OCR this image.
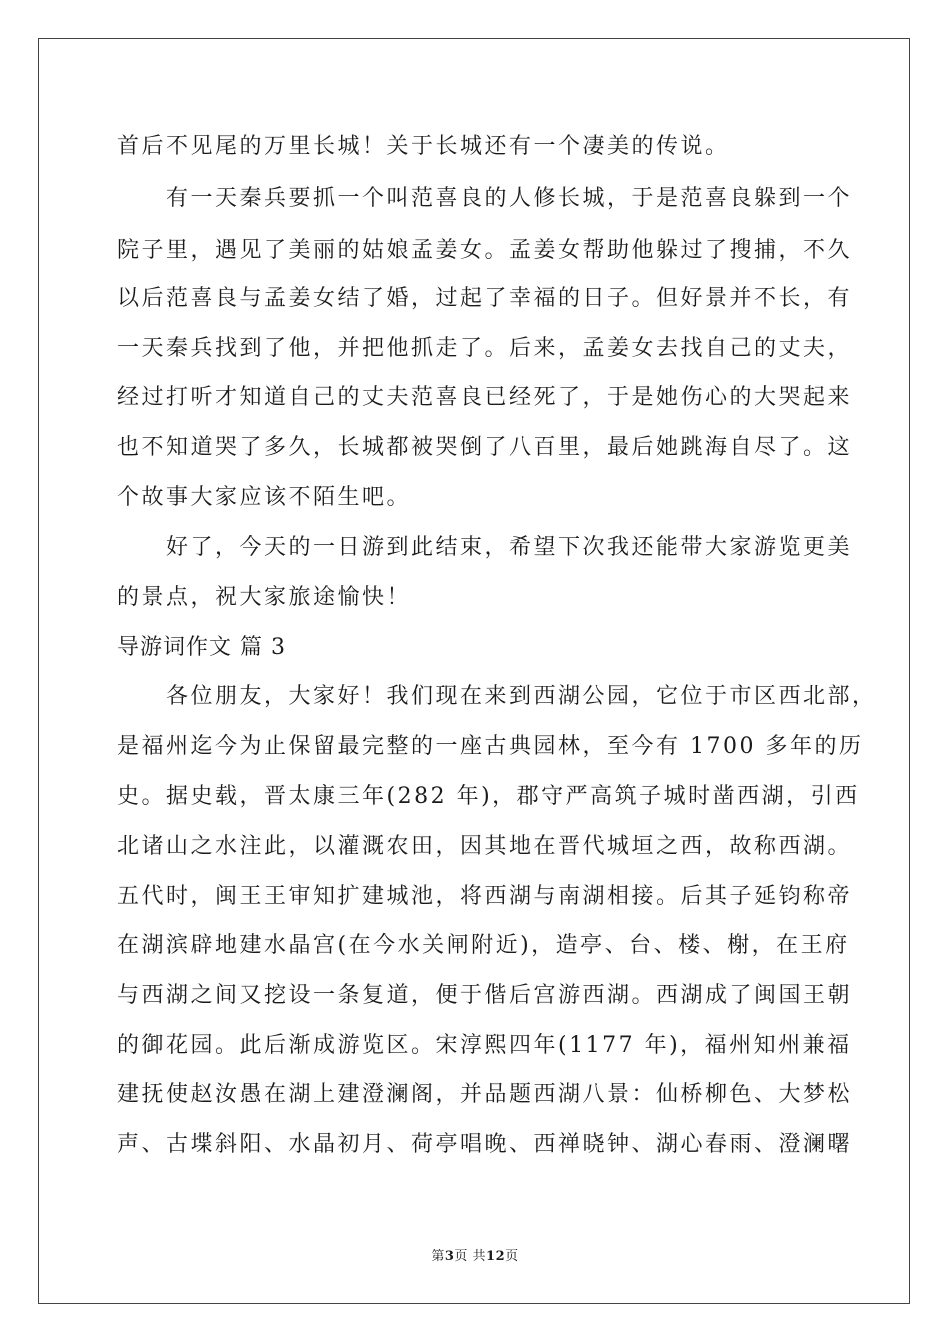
首后不见尾的万里长城！关于长城还有一个凄美的传说。
　　有一天秦兵要抓一个叫范喜良的人修长城，于是范喜良躲到一个
院子里，遇见了美丽的姑娘孟姜女。孟姜女帮助他躲过了搜捕，不久
以后范喜良与孟姜女结了婚，过起了幸福的日子。但好景并不长，有
一天秦兵找到了他，并把他抓走了。后来，孟姜女去找自己的丈夫，
经过打听才知道自己的丈夫范喜良已经死了，于是她伤心的大哭起来
也不知道哭了多久，长城都被哭倒了八百里，最后她跳海自尽了。这
个故事大家应该不陌生吧。
　　好了，今天的一日游到此结束，希望下次我还能带大家游览更美
的景点，祝大家旅途愉快！
导游词作文 篇 3
　　各位朋友，大家好！我们现在来到西湖公园，它位于市区西北部，
是福州迄今为止保留最完整的一座古典园林，至今有 1700 多年的历
史。据史载，晋太康三年(282 年)，郡守严高筑子城时凿西湖，引西
北诸山之水注此，以灌溉农田，因其地在晋代城垣之西，故称西湖。
五代时，闽王王审知扩建城池，将西湖与南湖相接。后其子延钧称帝
在湖滨辟地建水晶宫(在今水关闸附近)，造亭、台、楼、榭，在王府
与西湖之间又挖设一条复道，便于偕后宫游西湖。西湖成了闽国王朝
的御花园。此后渐成游览区。宋淳熙四年(1177 年)，福州知州兼福
建抚使赵汝愚在湖上建澄澜阁，并品题西湖八景：仙桥柳色、大梦松
声、古堞斜阳、水晶初月、荷亭唱晚、西禅晓钟、湖心春雨、澄澜曙
第3页 共12页
